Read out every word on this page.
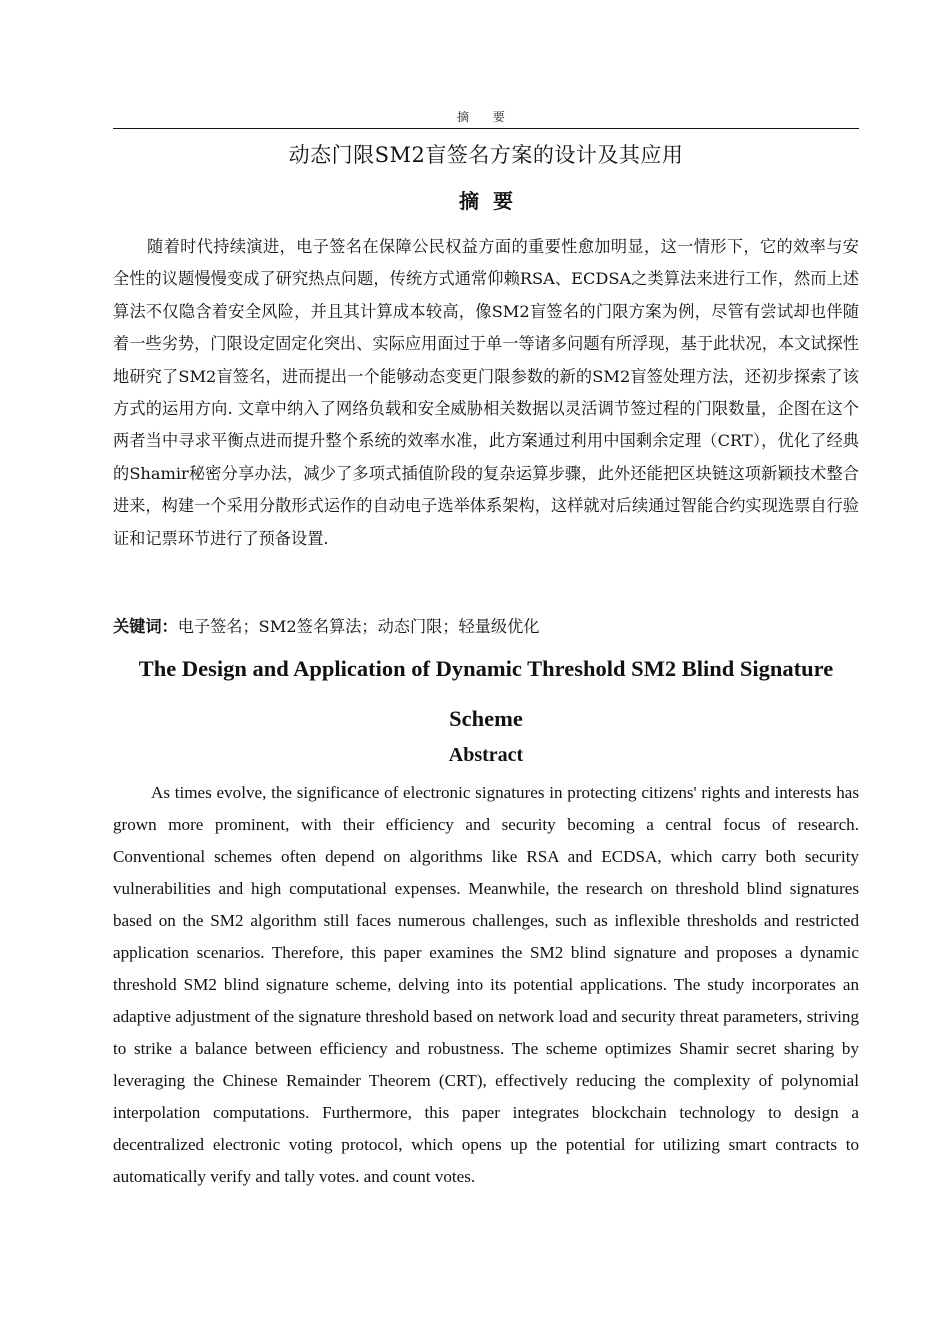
摘 要
动态门限SM2盲签名方案的设计及其应用
摘要

随着时代持续演进，电子签名在保障公民权益方面的重要性愈加明显，这一情形下，它的效率与安全性的议题慢慢变成了研究热点问题，传统方式通常仰赖RSA、ECDSA之类算法来进行工作，然而上述算法不仅隐含着安全风险，并且其计算成本较高，像SM2盲签名的门限方案为例，尽管有尝试却也伴随着一些劣势，门限设定固定化突出、实际应用面过于单一等诸多问题有所浮现，基于此状况，本文试探性地研究了SM2盲签名，进而提出一个能够动态变更门限参数的新的SM2盲签处理方法，还初步探索了该方式的运用方向. 文章中纳入了网络负载和安全威胁相关数据以灵活调节签过程的门限数量，企图在这个两者当中寻求平衡点进而提升整个系统的效率水准，此方案通过利用中国剩余定理（CRT），优化了经典的Shamir秘密分享办法，减少了多项式插值阶段的复杂运算步骤，此外还能把区块链这项新颖技术整合进来，构建一个采用分散形式运作的自动电子选举体系架构，这样就对后续通过智能合约实现选票自行验证和记票环节进行了预备设置.

关键词：电子签名；SM2签名算法；动态门限；轻量级优化
The Design and Application of Dynamic Threshold SM2 Blind Signature Scheme
Abstract

As times evolve, the significance of electronic signatures in protecting citizens' rights and interests has grown more prominent, with their efficiency and security becoming a central focus of research. Conventional schemes often depend on algorithms like RSA and ECDSA, which carry both security vulnerabilities and high computational expenses. Meanwhile, the research on threshold blind signatures based on the SM2 algorithm still faces numerous challenges, such as inflexible thresholds and restricted application scenarios. Therefore, this paper examines the SM2 blind signature and proposes a dynamic threshold SM2 blind signature scheme, delving into its potential applications. The study incorporates an adaptive adjustment of the signature threshold based on network load and security threat parameters, striving to strike a balance between efficiency and robustness. The scheme optimizes Shamir secret sharing by leveraging the Chinese Remainder Theorem (CRT), effectively reducing the complexity of polynomial interpolation computations. Furthermore, this paper integrates blockchain technology to design a decentralized electronic voting protocol, which opens up the potential for utilizing smart contracts to automatically verify and tally votes. and count votes.
